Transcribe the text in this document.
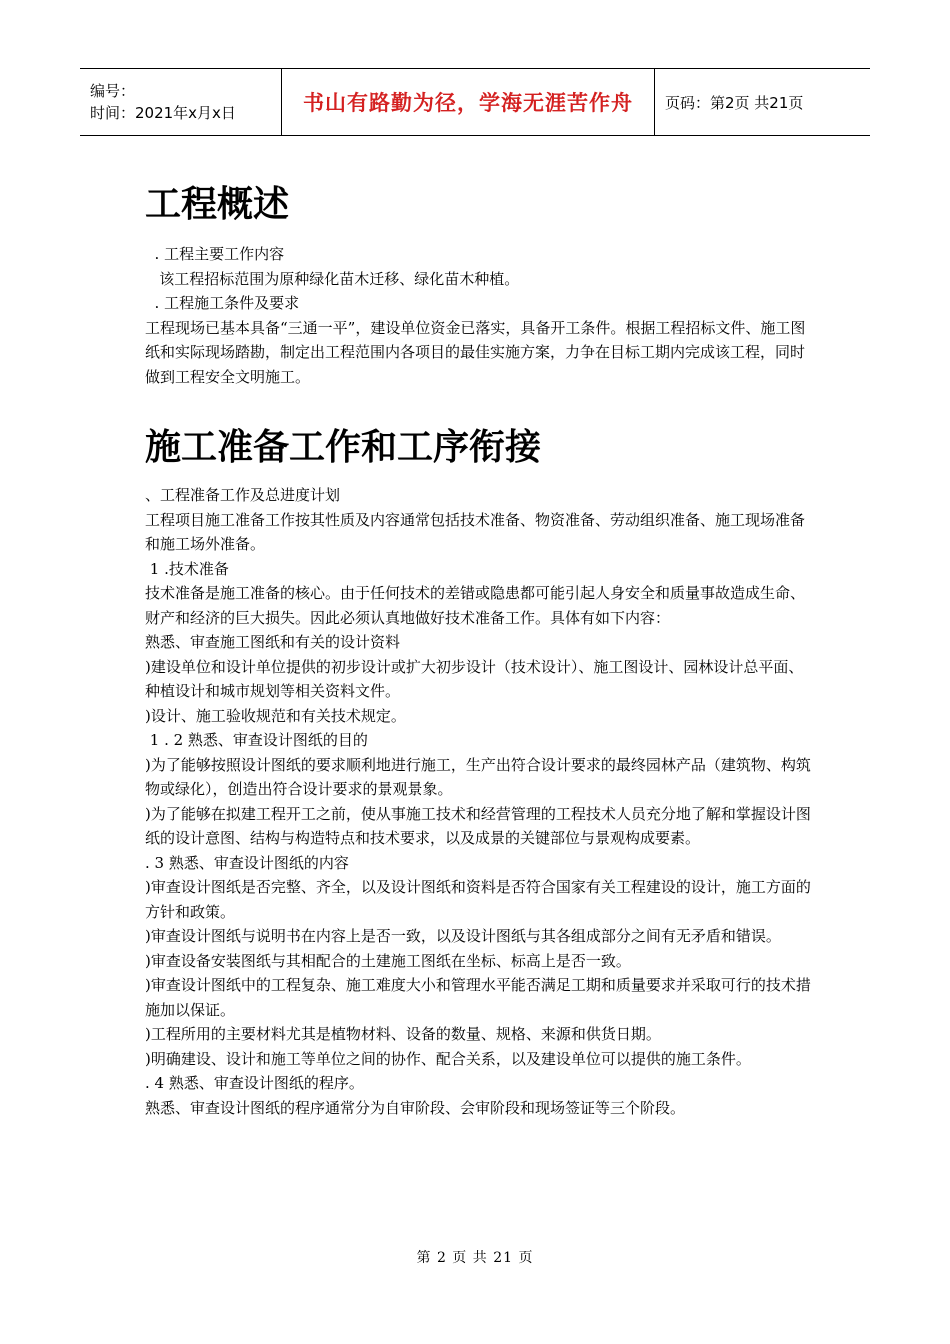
编号：
时间：2021年x月x日	书山有路勤为径，学海无涯苦作舟 页码：第2页 共21页
工程概述

. 工程主要工作内容

该工程招标范围为原种绿化苗木迁移、绿化苗木种植。

. 工程施工条件及要求

工程现场已基本具备“三通一平”，建设单位资金已落实，具备开工条件。根据工程招标文件、施工图纸和实际现场踏勘，制定出工程范围内各项目的最佳实施方案，力争在目标工期内完成该工程，同时做到工程安全文明施工。

施工准备工作和工序衔接

、工程准备工作及总进度计划

工程项目施工准备工作按其性质及内容通常包括技术准备、物资准备、劳动组织准备、施工现场准备和施工场外准备。

1 .技术准备

技术准备是施工准备的核心。由于任何技术的差错或隐患都可能引起人身安全和质量事故造成生命、财产和经济的巨大损失。因此必须认真地做好技术准备工作。具体有如下内容：

熟悉、审查施工图纸和有关的设计资料

)建设单位和设计单位提供的初步设计或扩大初步设计（技术设计）、施工图设计、园林设计总平面、种植设计和城市规划等相关资料文件。

)设计、施工验收规范和有关技术规定。

1 . 2 熟悉、审查设计图纸的目的

)为了能够按照设计图纸的要求顺利地进行施工，生产出符合设计要求的最终园林产品（建筑物、构筑物或绿化），创造出符合设计要求的景观景象。

)为了能够在拟建工程开工之前，使从事施工技术和经营管理的工程技术人员充分地了解和掌握设计图纸的设计意图、结构与构造特点和技术要求，以及成景的关键部位与景观构成要素。

. 3 熟悉、审查设计图纸的内容

)审查设计图纸是否完整、齐全，以及设计图纸和资料是否符合国家有关工程建设的设计，施工方面的方针和政策。

)审查设计图纸与说明书在内容上是否一致，以及设计图纸与其各组成部分之间有无矛盾和错误。

)审查设备安装图纸与其相配合的土建施工图纸在坐标、标高上是否一致。

)审查设计图纸中的工程复杂、施工难度大小和管理水平能否满足工期和质量要求并采取可行的技术措施加以保证。

)工程所用的主要材料尤其是植物材料、设备的数量、规格、来源和供货日期。

)明确建设、设计和施工等单位之间的协作、配合关系，以及建设单位可以提供的施工条件。

. 4 熟悉、审查设计图纸的程序。

熟悉、审查设计图纸的程序通常分为自审阶段、会审阶段和现场签证等三个阶段。

第 2 页 共 21 页
